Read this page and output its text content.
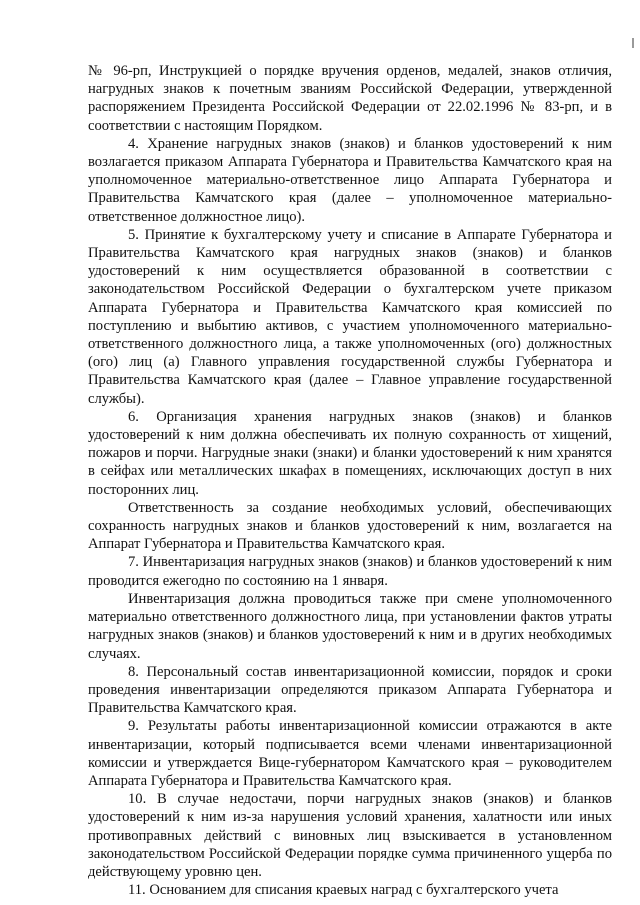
№ 96-рп, Инструкцией о порядке вручения орденов, медалей, знаков отличия, нагрудных знаков к почетным званиям Российской Федерации, утвержденной распоряжением Президента Российской Федерации от 22.02.1996 № 83-рп, и в соответствии с настоящим Порядком.

4. Хранение нагрудных знаков (знаков) и бланков удостоверений к ним возлагается приказом Аппарата Губернатора и Правительства Камчатского края на уполномоченное материально-ответственное лицо Аппарата Губернатора и Правительства Камчатского края (далее – уполномоченное материально-ответственное должностное лицо).

5. Принятие к бухгалтерскому учету и списание в Аппарате Губернатора и Правительства Камчатского края нагрудных знаков (знаков) и бланков удостоверений к ним осуществляется образованной в соответствии с законодательством Российской Федерации о бухгалтерском учете приказом Аппарата Губернатора и Правительства Камчатского края комиссией по поступлению и выбытию активов, с участием уполномоченного материально-ответственного должностного лица, а также уполномоченных (ого) должностных (ого) лиц (а) Главного управления государственной службы Губернатора и Правительства Камчатского края (далее – Главное управление государственной службы).

6. Организация хранения нагрудных знаков (знаков) и бланков удостоверений к ним должна обеспечивать их полную сохранность от хищений, пожаров и порчи. Нагрудные знаки (знаки) и бланки удостоверений к ним хранятся в сейфах или металлических шкафах в помещениях, исключающих доступ в них посторонних лиц.

Ответственность за создание необходимых условий, обеспечивающих сохранность нагрудных знаков и бланков удостоверений к ним, возлагается на Аппарат Губернатора и Правительства Камчатского края.

7. Инвентаризация нагрудных знаков (знаков) и бланков удостоверений к ним проводится ежегодно по состоянию на 1 января.

Инвентаризация должна проводиться также при смене уполномоченного материально ответственного должностного лица, при установлении фактов утраты нагрудных знаков (знаков) и бланков удостоверений к ним и в других необходимых случаях.

8. Персональный состав инвентаризационной комиссии, порядок и сроки проведения инвентаризации определяются приказом Аппарата Губернатора и Правительства Камчатского края.

9. Результаты работы инвентаризационной комиссии отражаются в акте инвентаризации, который подписывается всеми членами инвентаризационной комиссии и утверждается Вице-губернатором Камчатского края – руководителем Аппарата Губернатора и Правительства Камчатского края.

10. В случае недостачи, порчи нагрудных знаков (знаков) и бланков удостоверений к ним из-за нарушения условий хранения, халатности или иных противоправных действий с виновных лиц взыскивается в установленном законодательством Российской Федерации порядке сумма причиненного ущерба по действующему уровню цен.

11. Основанием для списания краевых наград с бухгалтерского учета
